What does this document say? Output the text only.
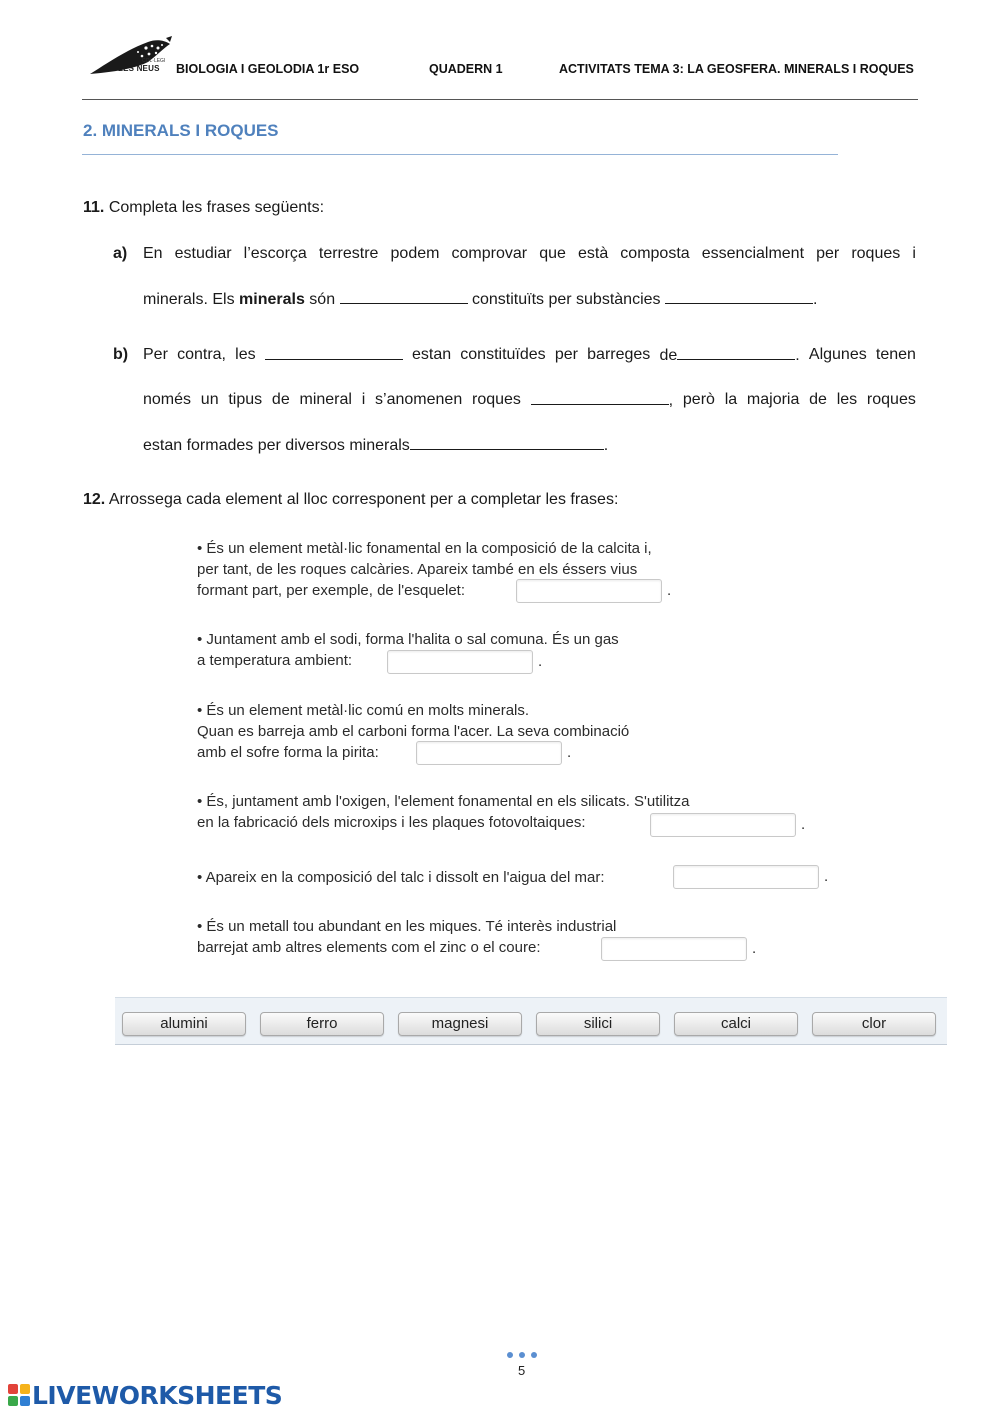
COL·LEGI
LES NEUS BIOLOGIA I GEOLODIA 1r ESO	QUADERN 1	ACTIVITATS TEMA 3: LA GEOSFERA. MINERALS I ROQUES
2. MINERALS I ROQUES
11. Completa les frases següents:
a) En estudiar l’escorça terrestre podem comprovar que està composta essencialment per roques i
minerals. Els minerals són	constituïts per substàncies	.
b) Per contra, les	estan constituïdes per barreges de	. Algunes tenen
només un tipus de mineral i s’anomenen roques	, però la majoria de les roques
estan formades per diversos minerals	.
12. Arrossega cada element al lloc corresponent per a completar les frases:
• És un element metàl·lic fonamental en la composició de la calcita i,
per tant, de les roques calcàries. Apareix també en els éssers vius
formant part, per exemple, de l'esquelet:	.
• Juntament amb el sodi, forma l'halita o sal comuna. És un gas
a temperatura ambient:	.
• És un element metàl·lic comú en molts minerals.
Quan es barreja amb el carboni forma l'acer. La seva combinació
amb el sofre forma la pirita:	.
• És, juntament amb l'oxigen, l'element fonamental en els silicats. S'utilitza
en la fabricació dels microxips i les plaques fotovoltaiques:	.
• Apareix en la composició del talc i dissolt en l'aigua del mar:	.
• És un metall tou abundant en les miques. Té interès industrial
barrejat amb altres elements com el zinc o el coure:	.
alumini	ferro	magnesi	silici	calci	clor
5
LIVEWORKSHEETS
